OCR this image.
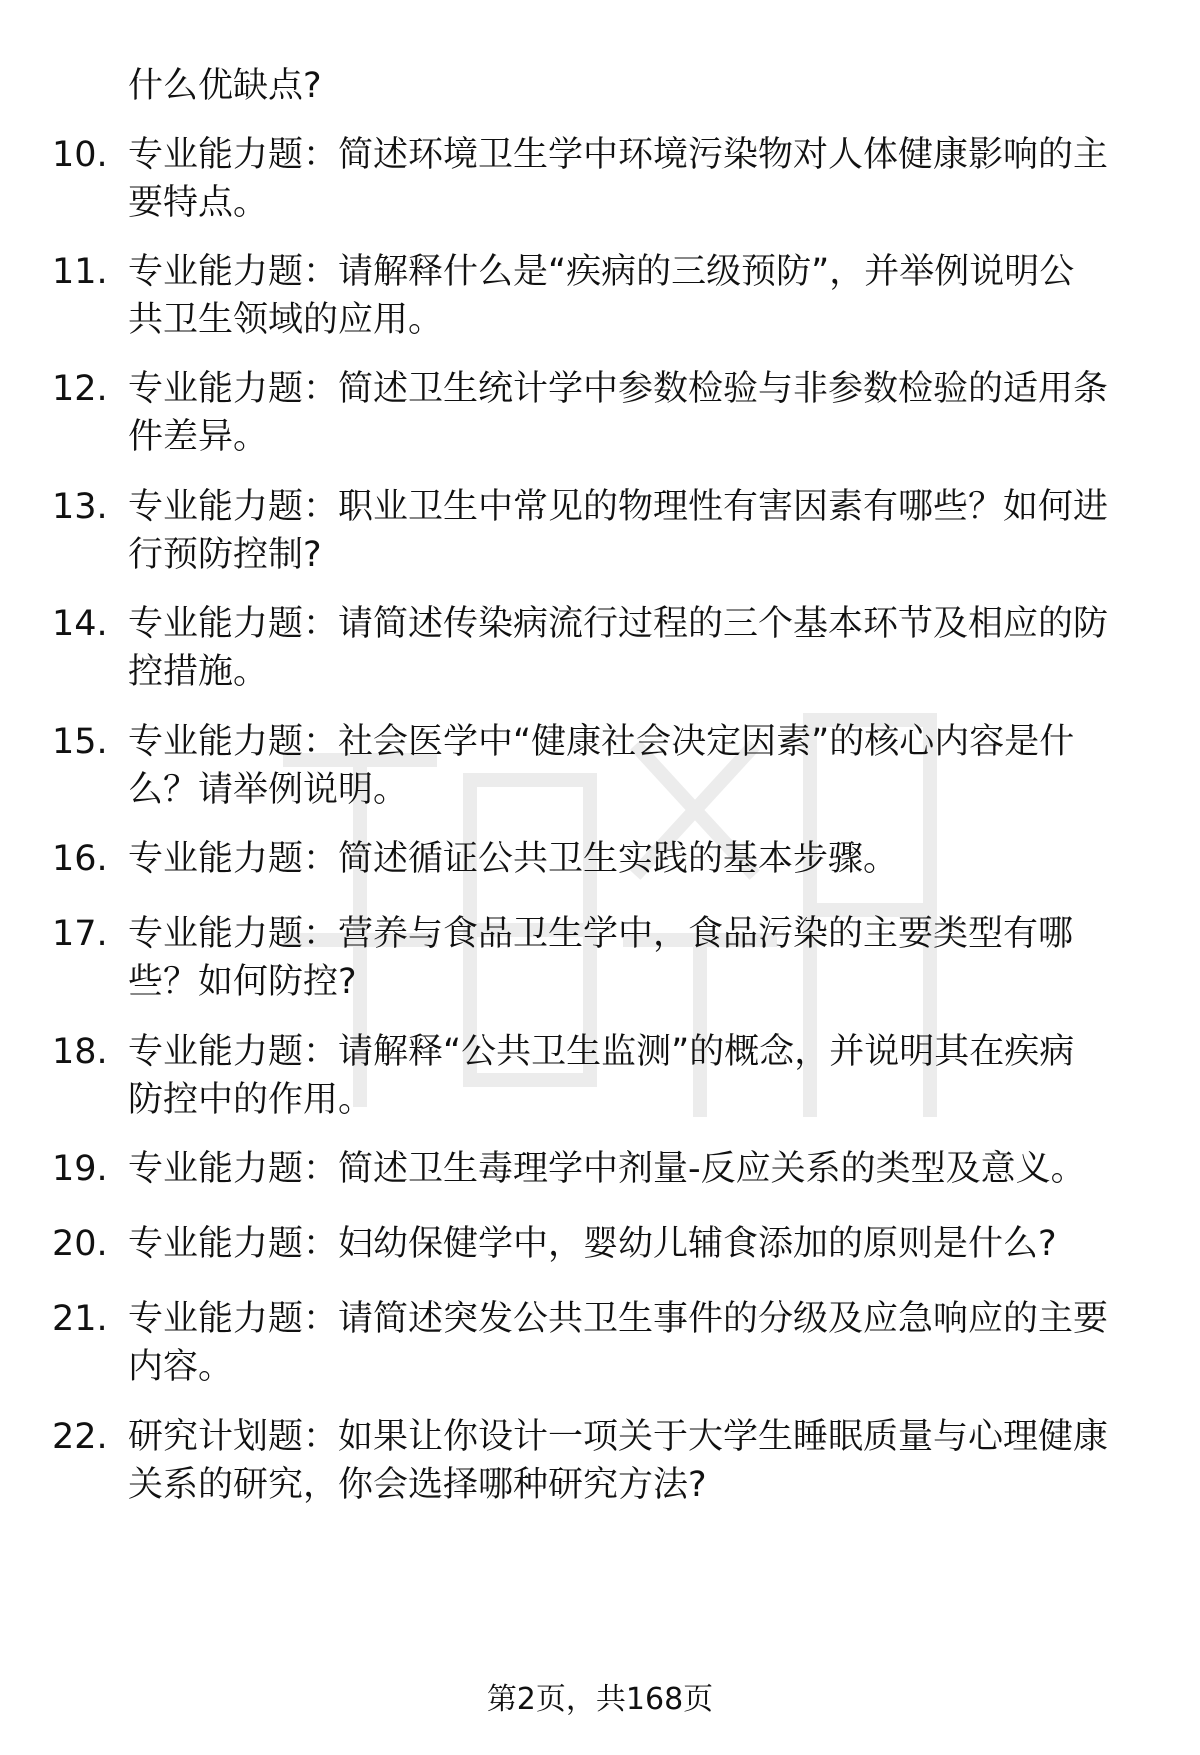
什么优缺点?

10. 专业能力题：简述环境卫生学中环境污染物对人体健康影响的主
要特点。
11. 专业能力题：请解释什么是“疾病的三级预防”，并举例说明公
共卫生领域的应用。
12. 专业能力题：简述卫生统计学中参数检验与非参数检验的适用条
件差异。
13. 专业能力题：职业卫生中常见的物理性有害因素有哪些？如何进
行预防控制?
14. 专业能力题：请简述传染病流行过程的三个基本环节及相应的防
控措施。
15. 专业能力题：社会医学中“健康社会决定因素”的核心内容是什
么？请举例说明。
16. 专业能力题：简述循证公共卫生实践的基本步骤。
17. 专业能力题：营养与食品卫生学中，食品污染的主要类型有哪
些？如何防控?
18. 专业能力题：请解释“公共卫生监测”的概念，并说明其在疾病
防控中的作用。
19. 专业能力题：简述卫生毒理学中剂量-反应关系的类型及意义。
20. 专业能力题：妇幼保健学中，婴幼儿辅食添加的原则是什么?
21. 专业能力题：请简述突发公共卫生事件的分级及应急响应的主要
内容。
22. 研究计划题：如果让你设计一项关于大学生睡眠质量与心理健康
关系的研究，你会选择哪种研究方法?

第2页，共168页
